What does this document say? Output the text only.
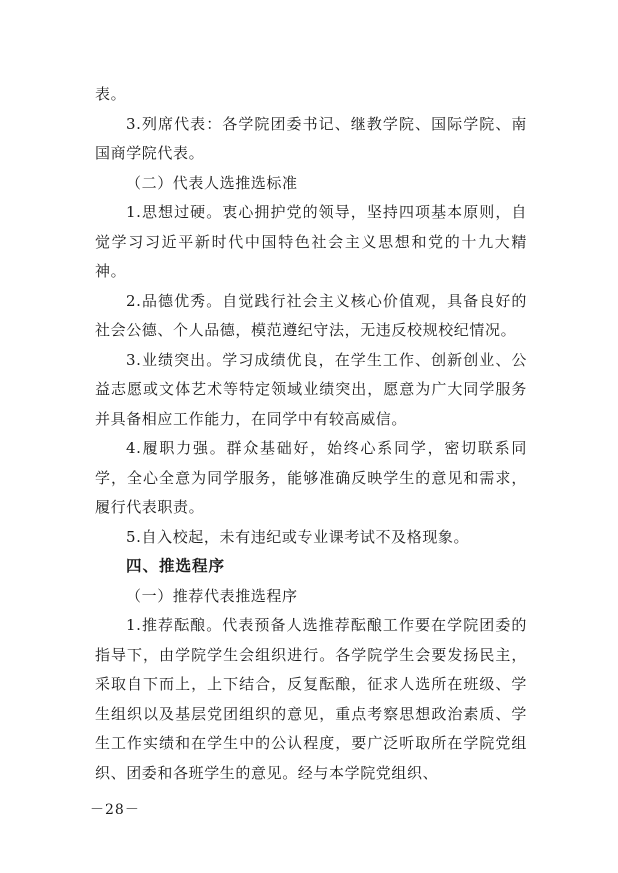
表。

3.列席代表：各学院团委书记、继教学院、国际学院、南国商学院代表。

（二）代表人选推选标准

1.思想过硬。衷心拥护党的领导，坚持四项基本原则，自觉学习习近平新时代中国特色社会主义思想和党的十九大精神。

2.品德优秀。自觉践行社会主义核心价值观，具备良好的社会公德、个人品德，模范遵纪守法，无违反校规校纪情况。

3.业绩突出。学习成绩优良，在学生工作、创新创业、公益志愿或文体艺术等特定领域业绩突出，愿意为广大同学服务并具备相应工作能力，在同学中有较高威信。

4.履职力强。群众基础好，始终心系同学，密切联系同学，全心全意为同学服务，能够准确反映学生的意见和需求，履行代表职责。

5.自入校起，未有违纪或专业课考试不及格现象。

四、推选程序

（一）推荐代表推选程序

1.推荐酝酿。代表预备人选推荐酝酿工作要在学院团委的指导下，由学院学生会组织进行。各学院学生会要发扬民主，采取自下而上，上下结合，反复酝酿，征求人选所在班级、学生组织以及基层党团组织的意见，重点考察思想政治素质、学生工作实绩和在学生中的公认程度，要广泛听取所在学院党组织、团委和各班学生的意见。经与本学院党组织、

－28－
